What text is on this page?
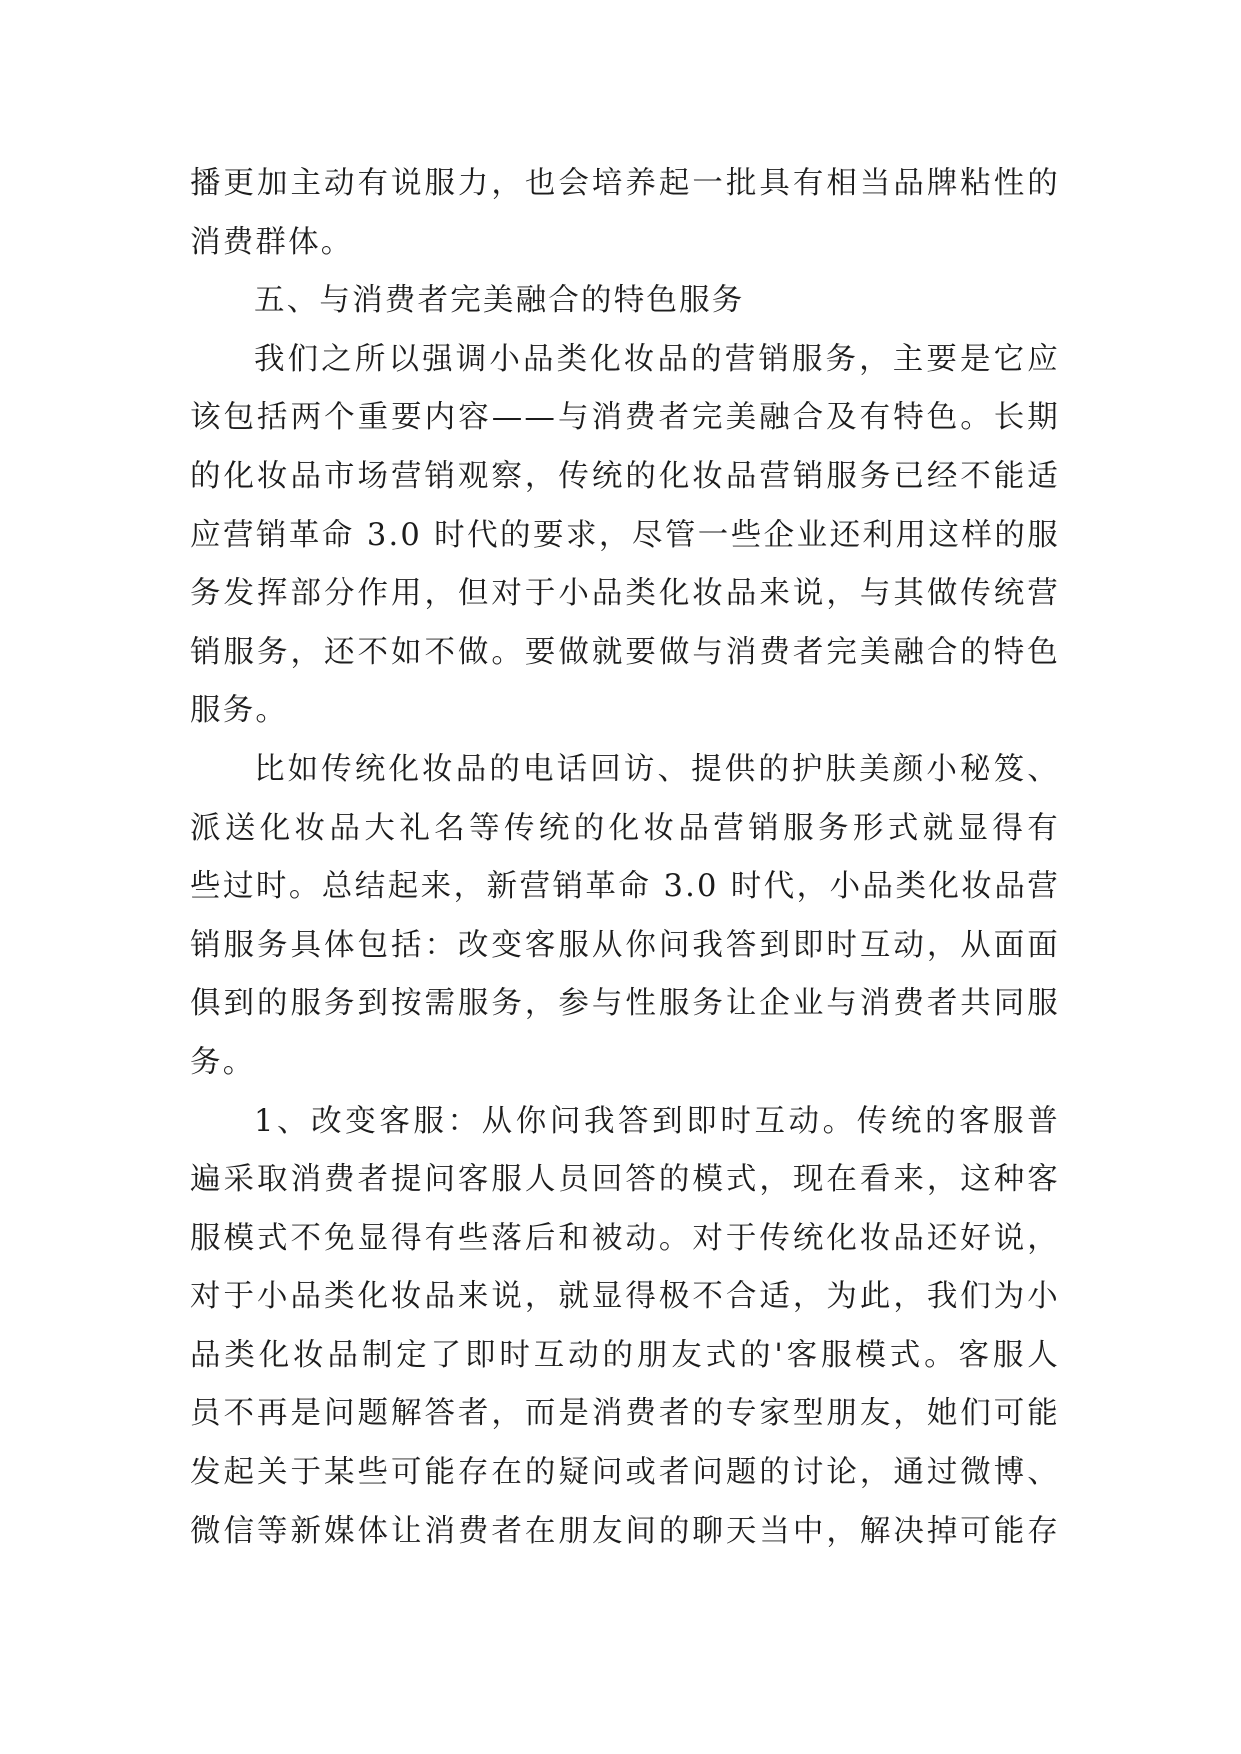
播更加主动有说服力，也会培养起一批具有相当品牌粘性的
消费群体。
五、与消费者完美融合的特色服务
我们之所以强调小品类化妆品的营销服务，主要是它应
该包括两个重要内容——与消费者完美融合及有特色。长期
的化妆品市场营销观察，传统的化妆品营销服务已经不能适
应营销革命 3.0 时代的要求，尽管一些企业还利用这样的服
务发挥部分作用，但对于小品类化妆品来说，与其做传统营
销服务，还不如不做。要做就要做与消费者完美融合的特色
服务。
比如传统化妆品的电话回访、提供的护肤美颜小秘笈、
派送化妆品大礼名等传统的化妆品营销服务形式就显得有
些过时。总结起来，新营销革命 3.0 时代，小品类化妆品营
销服务具体包括：改变客服从你问我答到即时互动，从面面
俱到的服务到按需服务，参与性服务让企业与消费者共同服
务。
1、改变客服：从你问我答到即时互动。传统的客服普
遍采取消费者提问客服人员回答的模式，现在看来，这种客
服模式不免显得有些落后和被动。对于传统化妆品还好说，
对于小品类化妆品来说，就显得极不合适，为此，我们为小
品类化妆品制定了即时互动的朋友式的'客服模式。客服人
员不再是问题解答者，而是消费者的专家型朋友，她们可能
发起关于某些可能存在的疑问或者问题的讨论，通过微博、
微信等新媒体让消费者在朋友间的聊天当中，解决掉可能存
